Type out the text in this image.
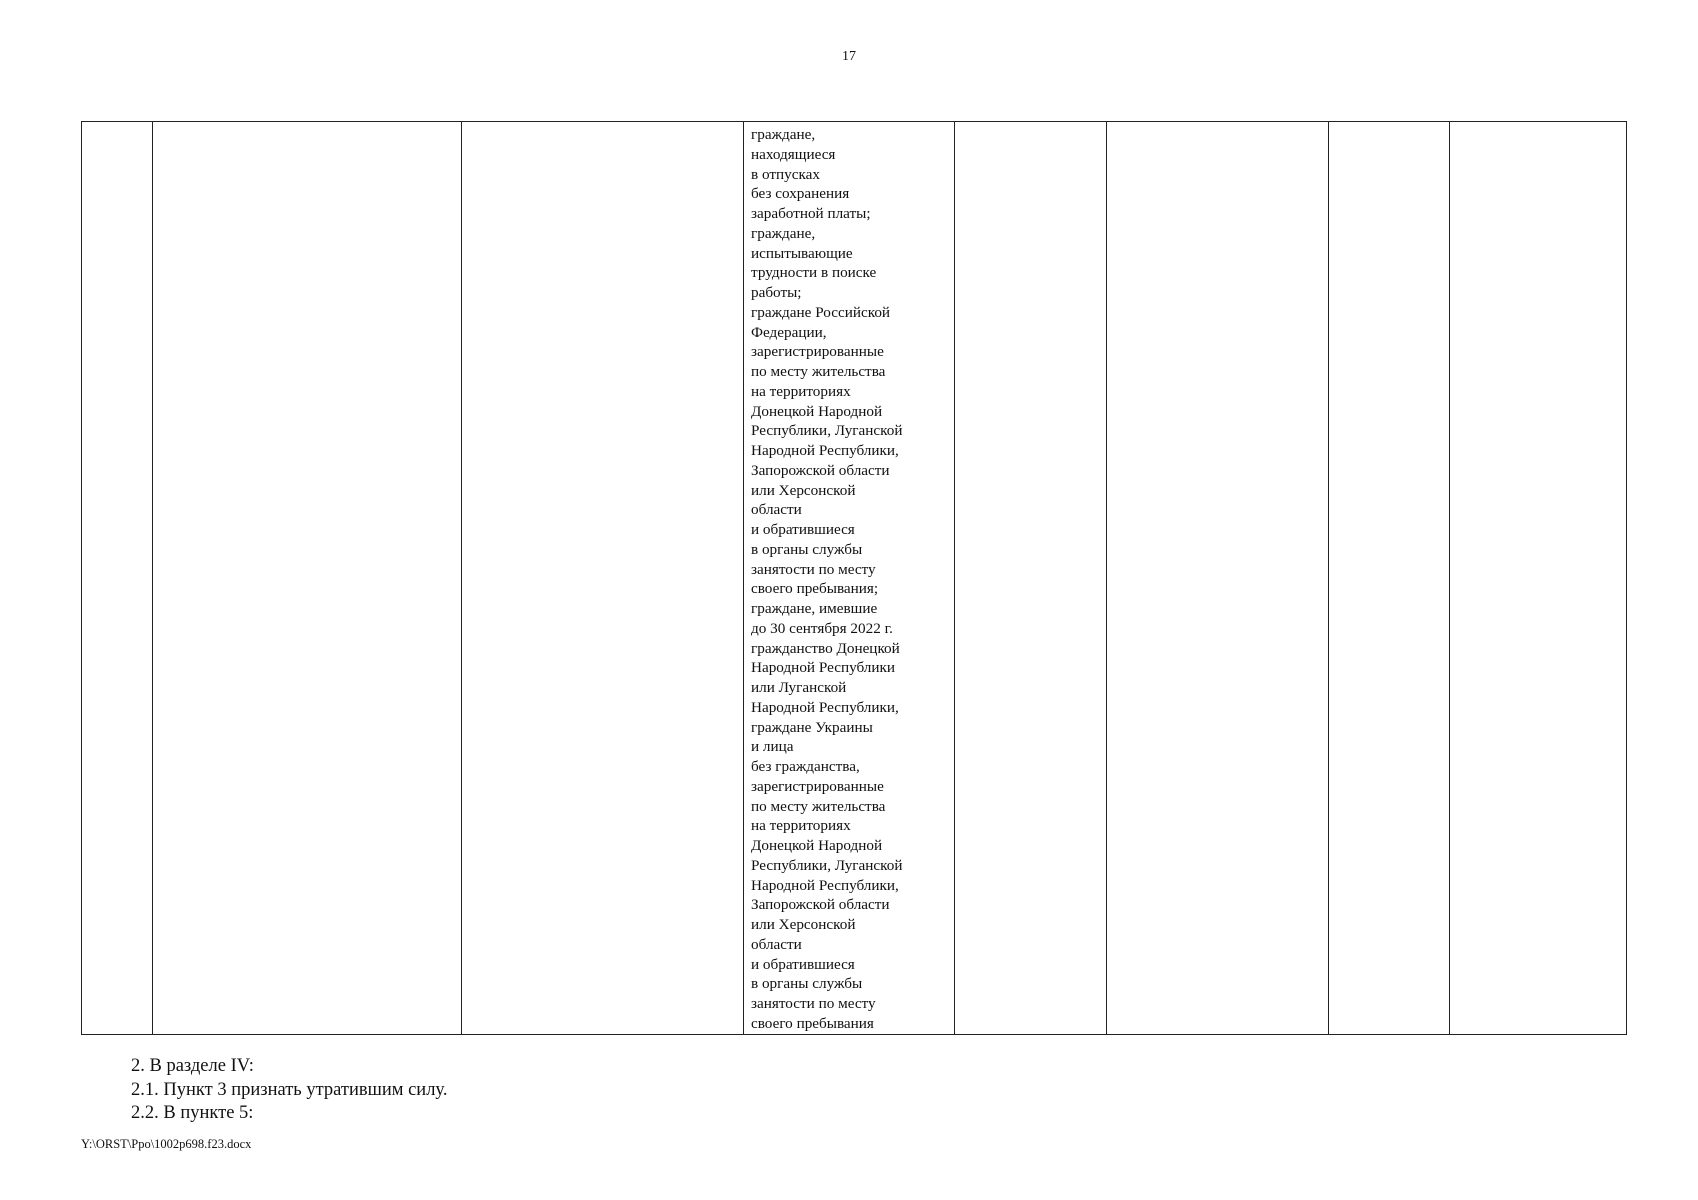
17

граждане,
находящиеся
в отпусках
без сохранения
заработной платы;
граждане,
испытывающие
трудности в поиске
работы;
граждане Российской
Федерации,
зарегистрированные
по месту жительства
на территориях
Донецкой Народной
Республики, Луганской
Народной Республики,
Запорожской области
или Херсонской
области
и обратившиеся
в органы службы
занятости по месту
своего пребывания;
граждане, имевшие
до 30 сентября 2022 г.
гражданство Донецкой
Народной Республики
или Луганской
Народной Республики,
граждане Украины
и лица
без гражданства,
зарегистрированные
по месту жительства
на территориях
Донецкой Народной
Республики, Луганской
Народной Республики,
Запорожской области
или Херсонской
области
и обратившиеся
в органы службы
занятости по месту
своего пребывания

2. В разделе IV:
2.1. Пункт 3 признать утратившим силу.
2.2. В пункте 5:
Y:\ORST\Ppo\1002p698.f23.docx
